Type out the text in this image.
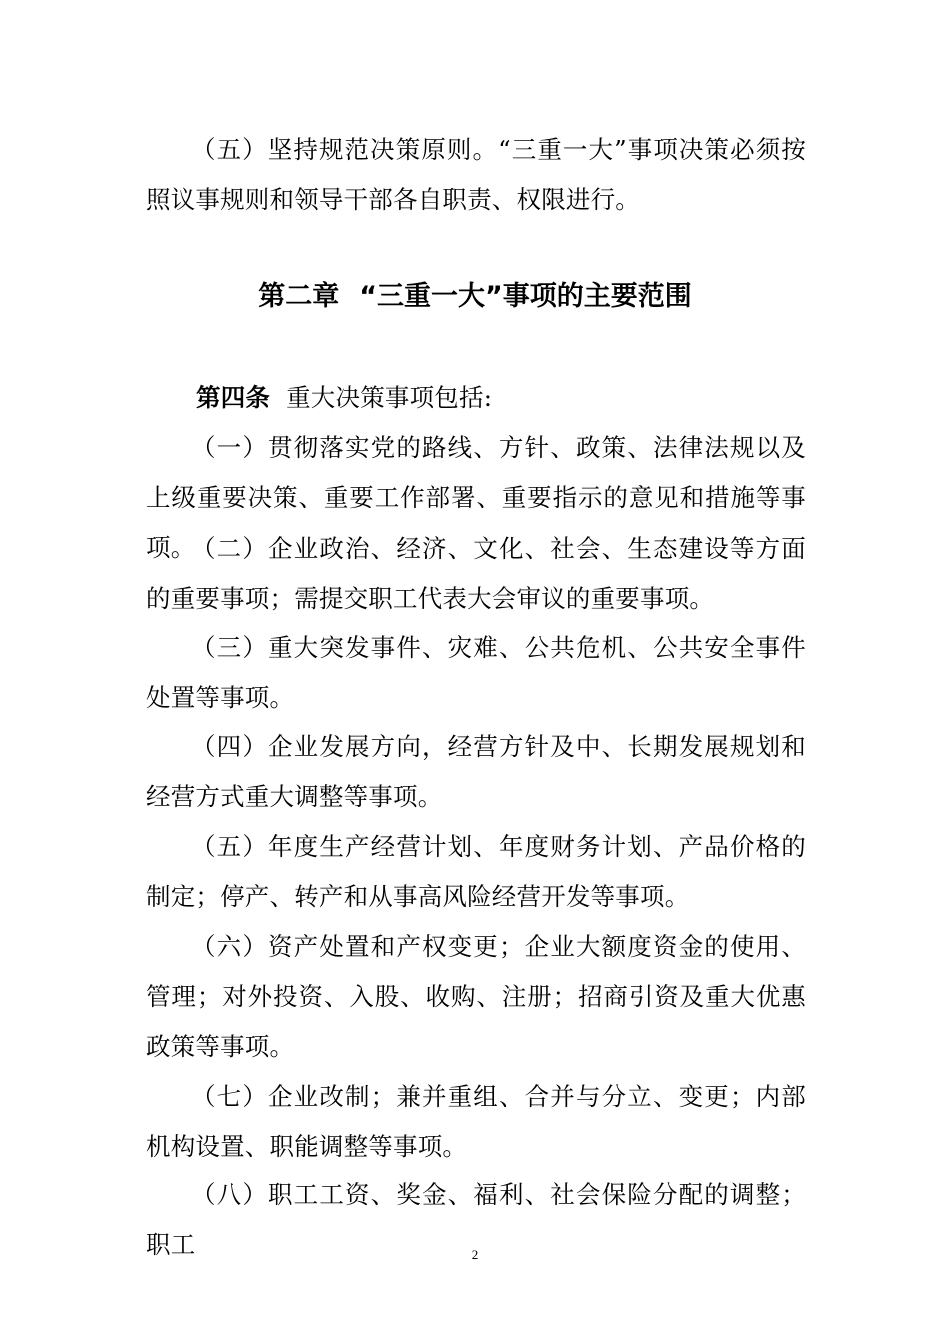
（五）坚持规范决策原则。“三重一大”事项决策必须按照议事规则和领导干部各自职责、权限进行。

第二章 “三重一大”事项的主要范围

第四条 重大决策事项包括:

（一）贯彻落实党的路线、方针、政策、法律法规以及上级重要决策、重要工作部署、重要指示的意见和措施等事项。

（二）企业政治、经济、文化、社会、生态建设等方面的重要事项；需提交职工代表大会审议的重要事项。

（三）重大突发事件、灾难、公共危机、公共安全事件处置等事项。

（四）企业发展方向，经营方针及中、长期发展规划和经营方式重大调整等事项。

（五）年度生产经营计划、年度财务计划、产品价格的制定；停产、转产和从事高风险经营开发等事项。

（六）资产处置和产权变更；企业大额度资金的使用、管理；对外投资、入股、收购、注册；招商引资及重大优惠政策等事项。

（七）企业改制；兼并重组、合并与分立、变更；内部机构设置、职能调整等事项。

（八）职工工资、奖金、福利、社会保险分配的调整；职工	2
